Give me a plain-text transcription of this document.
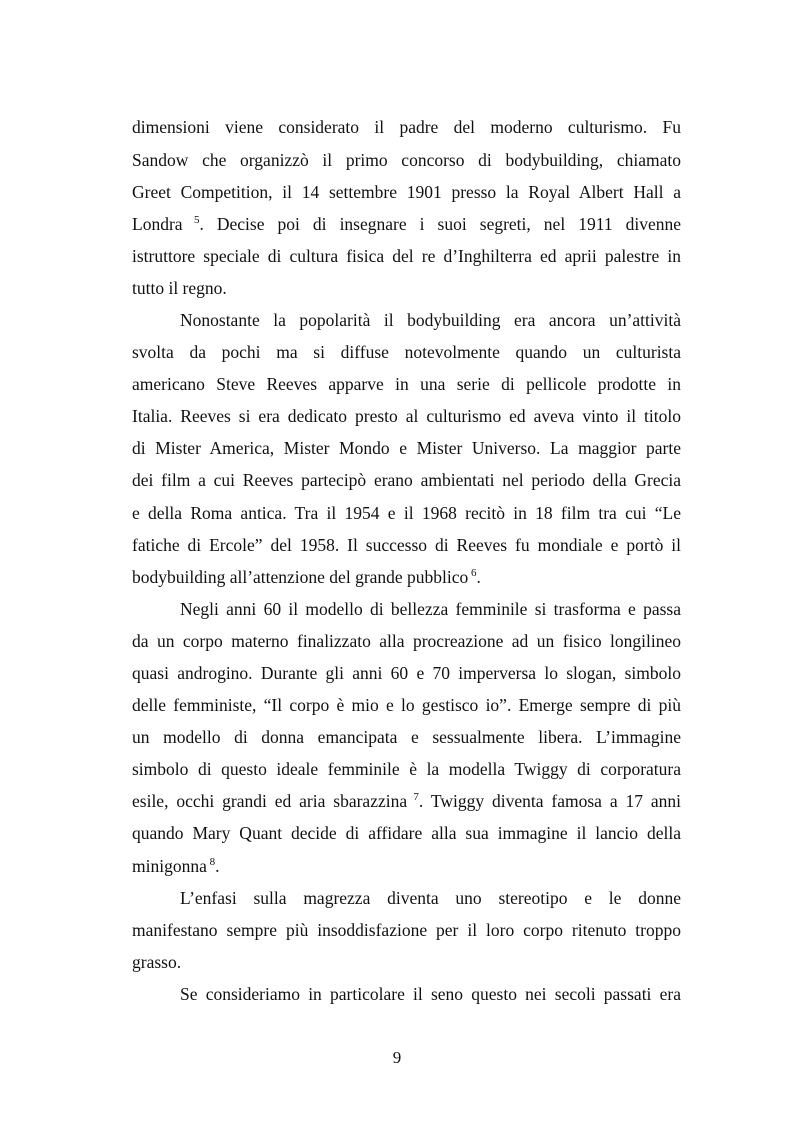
dimensioni viene considerato il padre del moderno culturismo. Fu
Sandow che organizzò il primo concorso di bodybuilding, chiamato
Greet Competition, il 14 settembre 1901 presso la Royal Albert Hall a
Londra $^5$. Decise poi di insegnare i suoi segreti, nel 1911 divenne
istruttore speciale di cultura fisica del re d’Inghilterra ed aprii palestre in
tutto il regno.
Nonostante la popolarità il bodybuilding era ancora un’attività
svolta da pochi ma si diffuse notevolmente quando un culturista
americano Steve Reeves apparve in una serie di pellicole prodotte in
Italia. Reeves si era dedicato presto al culturismo ed aveva vinto il titolo
di Mister America, Mister Mondo e Mister Universo. La maggior parte
dei film a cui Reeves partecipò erano ambientati nel periodo della Grecia
e della Roma antica. Tra il 1954 e il 1968 recitò in 18 film tra cui “Le
fatiche di Ercole” del 1958. Il successo di Reeves fu mondiale e portò il
bodybuilding all’attenzione del grande pubblico $^6$.
Negli anni 60 il modello di bellezza femminile si trasforma e passa
da un corpo materno finalizzato alla procreazione ad un fisico longilineo
quasi androgino. Durante gli anni 60 e 70 imperversa lo slogan, simbolo
delle femministe, “Il corpo è mio e lo gestisco io”. Emerge sempre di più
un modello di donna emancipata e sessualmente libera. L’immagine
simbolo di questo ideale femminile è la modella Twiggy di corporatura
esile, occhi grandi ed aria sbarazzina $^7$. Twiggy diventa famosa a 17 anni
quando Mary Quant decide di affidare alla sua immagine il lancio della
minigonna $^8$.
L’enfasi sulla magrezza diventa uno stereotipo e le donne
manifestano sempre più insoddisfazione per il loro corpo ritenuto troppo
grasso.
Se consideriamo in particolare il seno questo nei secoli passati era
9
